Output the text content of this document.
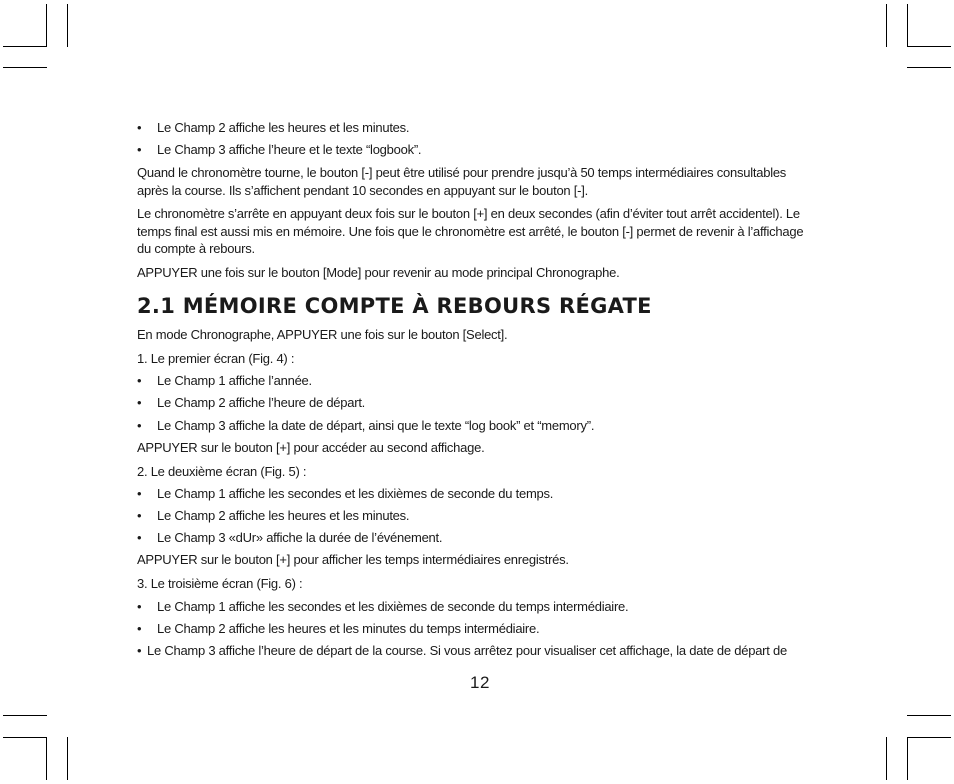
• Le Champ 2 affiche les heures et les minutes.
• Le Champ 3 affiche l’heure et le texte “logbook”.
Quand le chronomètre tourne, le bouton [-] peut être utilisé pour prendre jusqu’à 50 temps intermédiaires consultables
après la course. Ils s’affichent pendant 10 secondes en appuyant sur le bouton [-].
Le chronomètre s’arrête en appuyant deux fois sur le bouton [+] en deux secondes (afin d’éviter tout arrêt accidentel). Le
temps final est aussi mis en mémoire. Une fois que le chronomètre est arrêté, le bouton [-] permet de revenir à l’affichage
du compte à rebours.
APPUYER une fois sur le bouton [Mode] pour revenir au mode principal Chronographe.
2.1 MÉMOIRE COMPTE À REBOURS RÉGATE
En mode Chronographe, APPUYER une fois sur le bouton [Select].
1. Le premier écran (Fig. 4) :
• Le Champ 1 affiche l’année.
• Le Champ 2 affiche l’heure de départ.
• Le Champ 3 affiche la date de départ, ainsi que le texte “log book” et “memory”.
APPUYER sur le bouton [+] pour accéder au second affichage.
2. Le deuxième écran (Fig. 5) :
• Le Champ 1 affiche les secondes et les dixièmes de seconde du temps.
• Le Champ 2 affiche les heures et les minutes.
• Le Champ 3 «dUr» affiche la durée de l’événement.
APPUYER sur le bouton [+] pour afficher les temps intermédiaires enregistrés.
3. Le troisième écran (Fig. 6) :
• Le Champ 1 affiche les secondes et les dixièmes de seconde du temps intermédiaire.
• Le Champ 2 affiche les heures et les minutes du temps intermédiaire.
• Le Champ 3 affiche l’heure de départ de la course. Si vous arrêtez pour visualiser cet affichage, la date de départ de
12
